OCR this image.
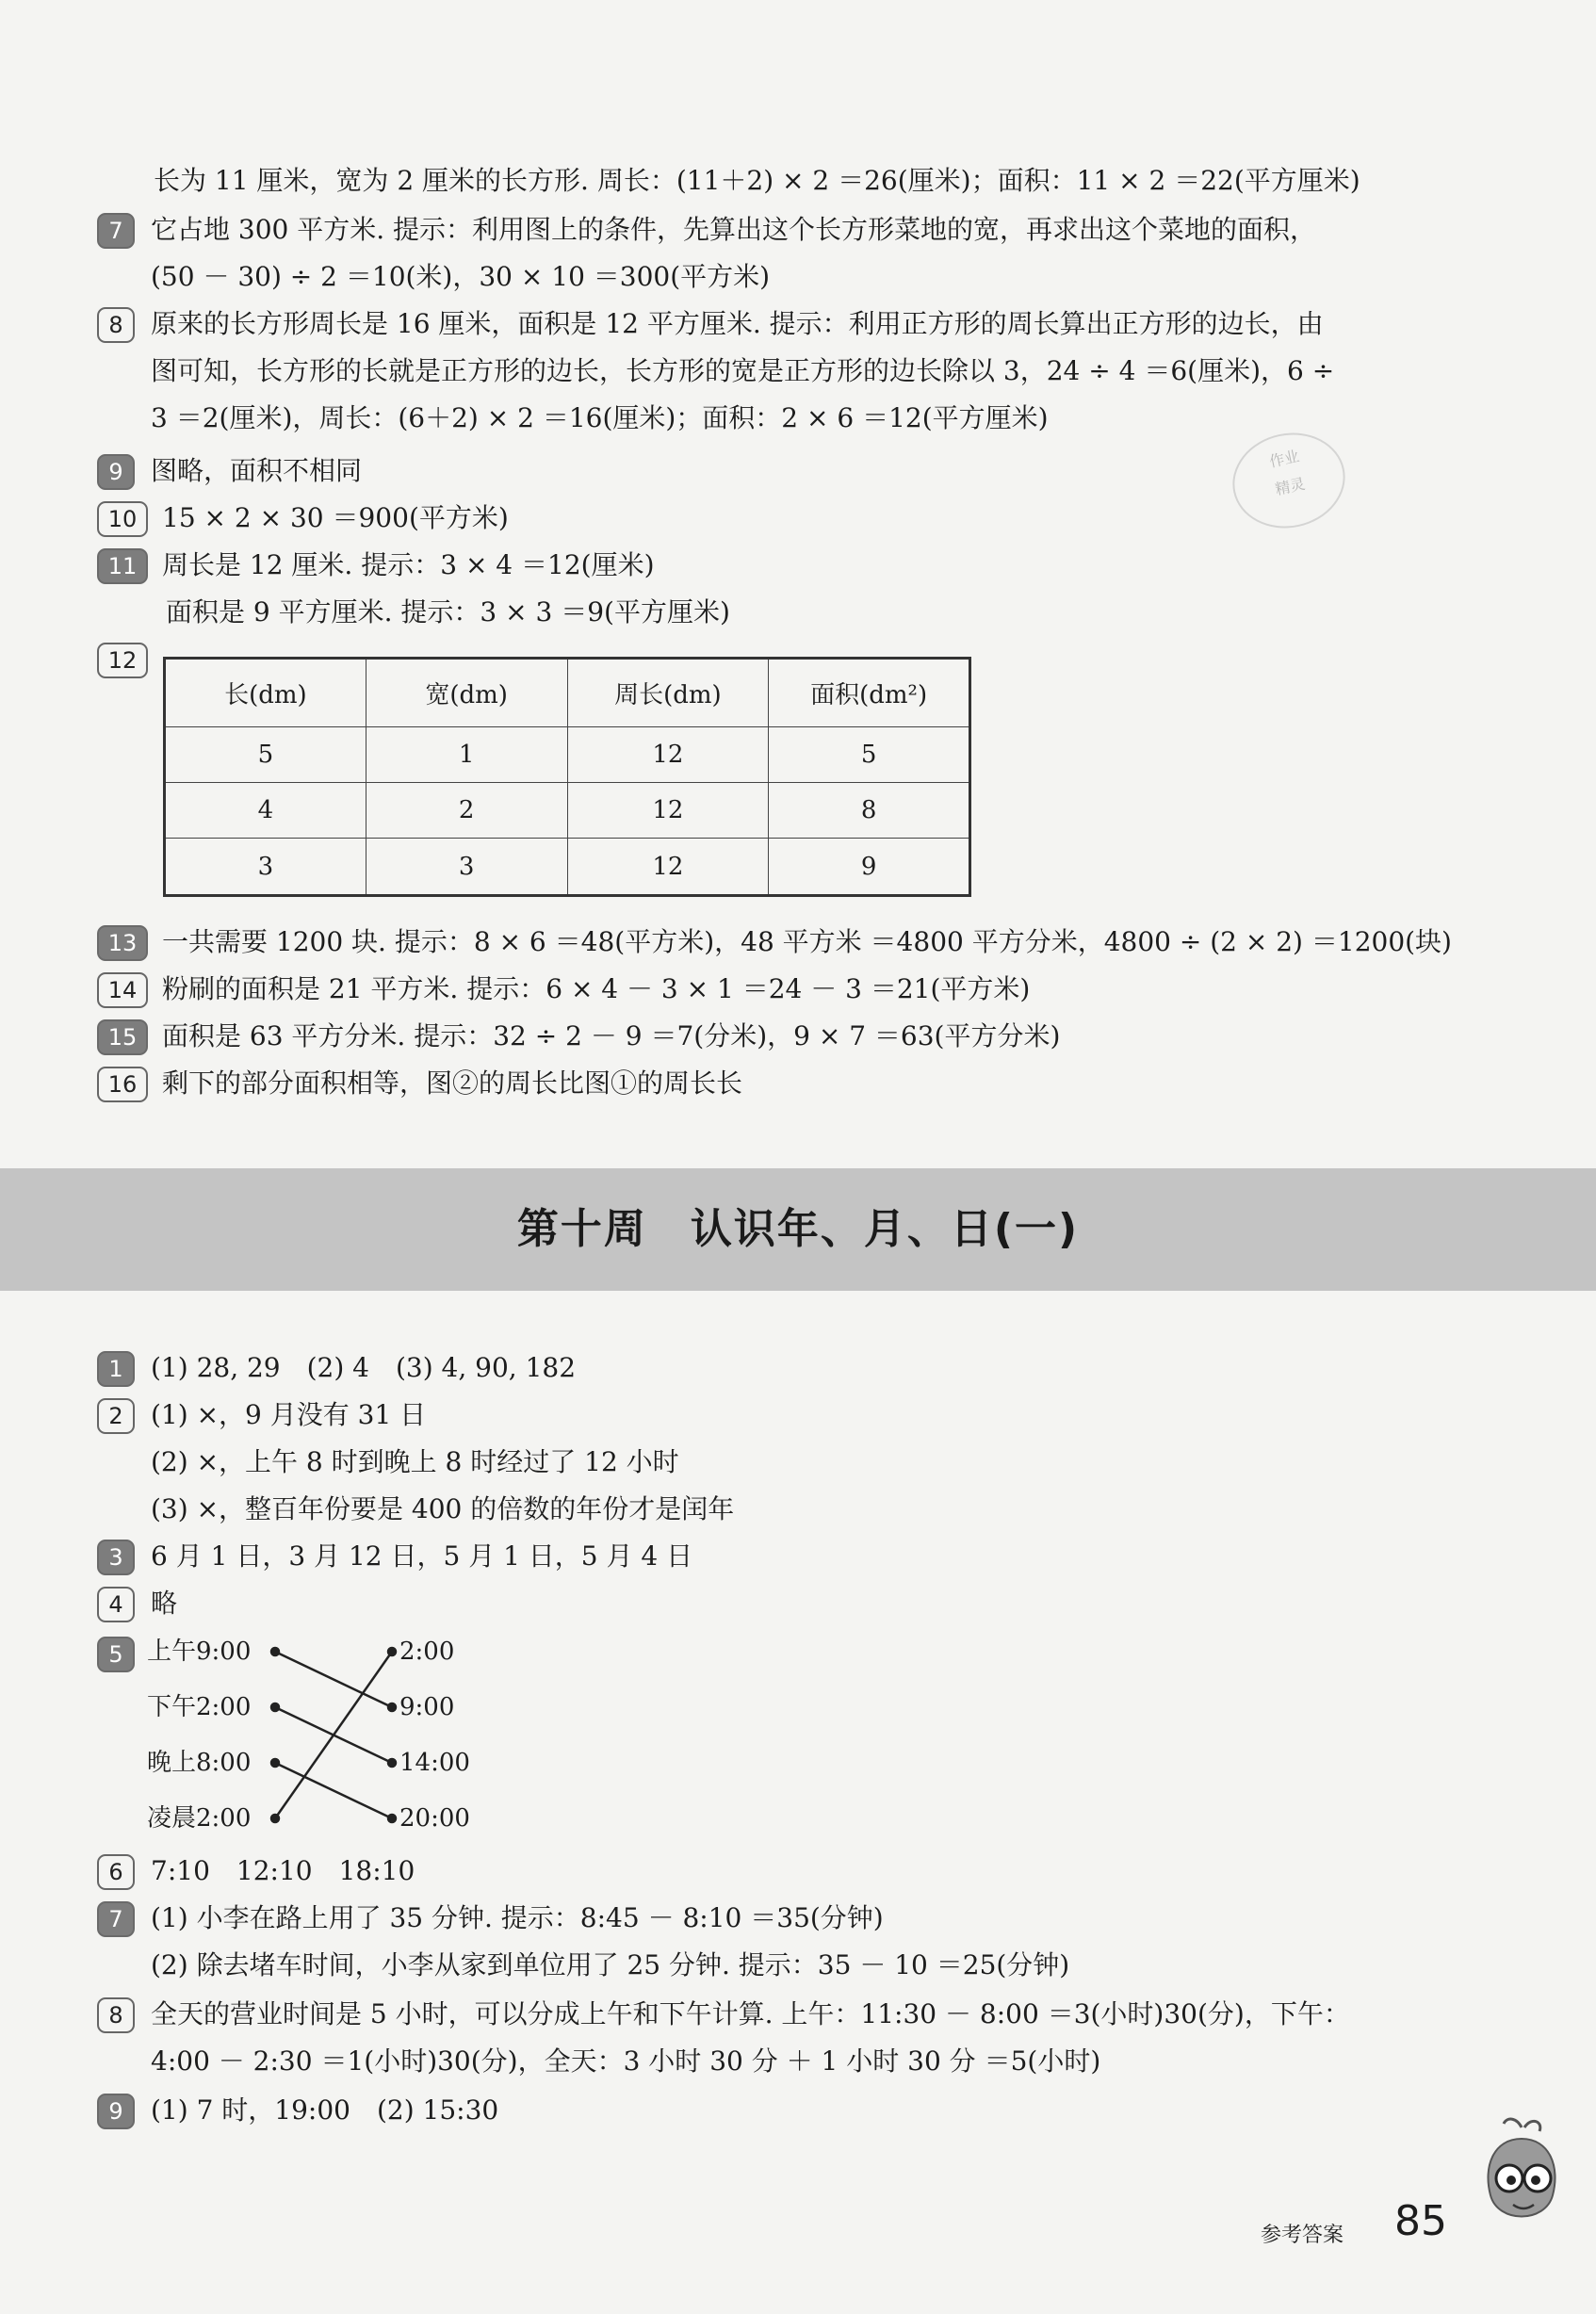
长为 11 厘米，宽为 2 厘米的长方形. 周长：(11＋2) × 2 ＝26(厘米)；面积：11 × 2 ＝22(平方厘米)
7	它占地 300 平方米. 提示：利用图上的条件，先算出这个长方形菜地的宽，再求出这个菜地的面积，
(50 － 30) ÷ 2 ＝10(米)，30 × 10 ＝300(平方米)
8	原来的长方形周长是 16 厘米，面积是 12 平方厘米. 提示：利用正方形的周长算出正方形的边长，由
图可知，长方形的长就是正方形的边长，长方形的宽是正方形的边长除以 3，24 ÷ 4 ＝6(厘米)，6 ÷
3 ＝2(厘米)，周长：(6＋2) × 2 ＝16(厘米)；面积：2 × 6 ＝12(平方厘米)
9	图略，面积不相同
10 15 × 2 × 30 ＝900(平方米)
11 周长是 12 厘米. 提示：3 × 4 ＝12(厘米)
面积是 9 平方厘米. 提示：3 × 3 ＝9(平方厘米)
12
长(dm)	宽(dm)	周长(dm)	面积(dm²)
5	1	12	5
4	2	12	8
3	3	12	9
13 一共需要 1200 块. 提示：8 × 6 ＝48(平方米)，48 平方米 ＝4800 平方分米，4800 ÷ (2 × 2) ＝1200(块)
14 粉刷的面积是 21 平方米. 提示：6 × 4 － 3 × 1 ＝24 － 3 ＝21(平方米)
15 面积是 63 平方分米. 提示：32 ÷ 2 － 9 ＝7(分米)，9 × 7 ＝63(平方分米)
16 剩下的部分面积相等，图②的周长比图①的周长长
作业
精灵
第十周　认识年、月、日(一)
1	(1) 28, 29　(2) 4　(3) 4, 90, 182
2	(1) ×，9 月没有 31 日
(2) ×，上午 8 时到晚上 8 时经过了 12 小时
(3) ×，整百年份要是 400 的倍数的年份才是闰年
3	6 月 1 日，3 月 12 日，5 月 1 日，5 月 4 日
4	略
5 上午9:00
下午2:00
晚上8:00
凌晨2:00
2:00
9:00
14:00
20:00
6	7:10　12:10　18:10
7	(1) 小李在路上用了 35 分钟. 提示：8:45 － 8:10 ＝35(分钟)
(2) 除去堵车时间，小李从家到单位用了 25 分钟. 提示：35 － 10 ＝25(分钟)
8	全天的营业时间是 5 小时，可以分成上午和下午计算. 上午：11:30 － 8:00 ＝3(小时)30(分)，下午：
4:00 － 2:30 ＝1(小时)30(分)，全天：3 小时 30 分 ＋ 1 小时 30 分 ＝5(小时)
9	(1) 7 时，19:00　(2) 15:30
参考答案 85
